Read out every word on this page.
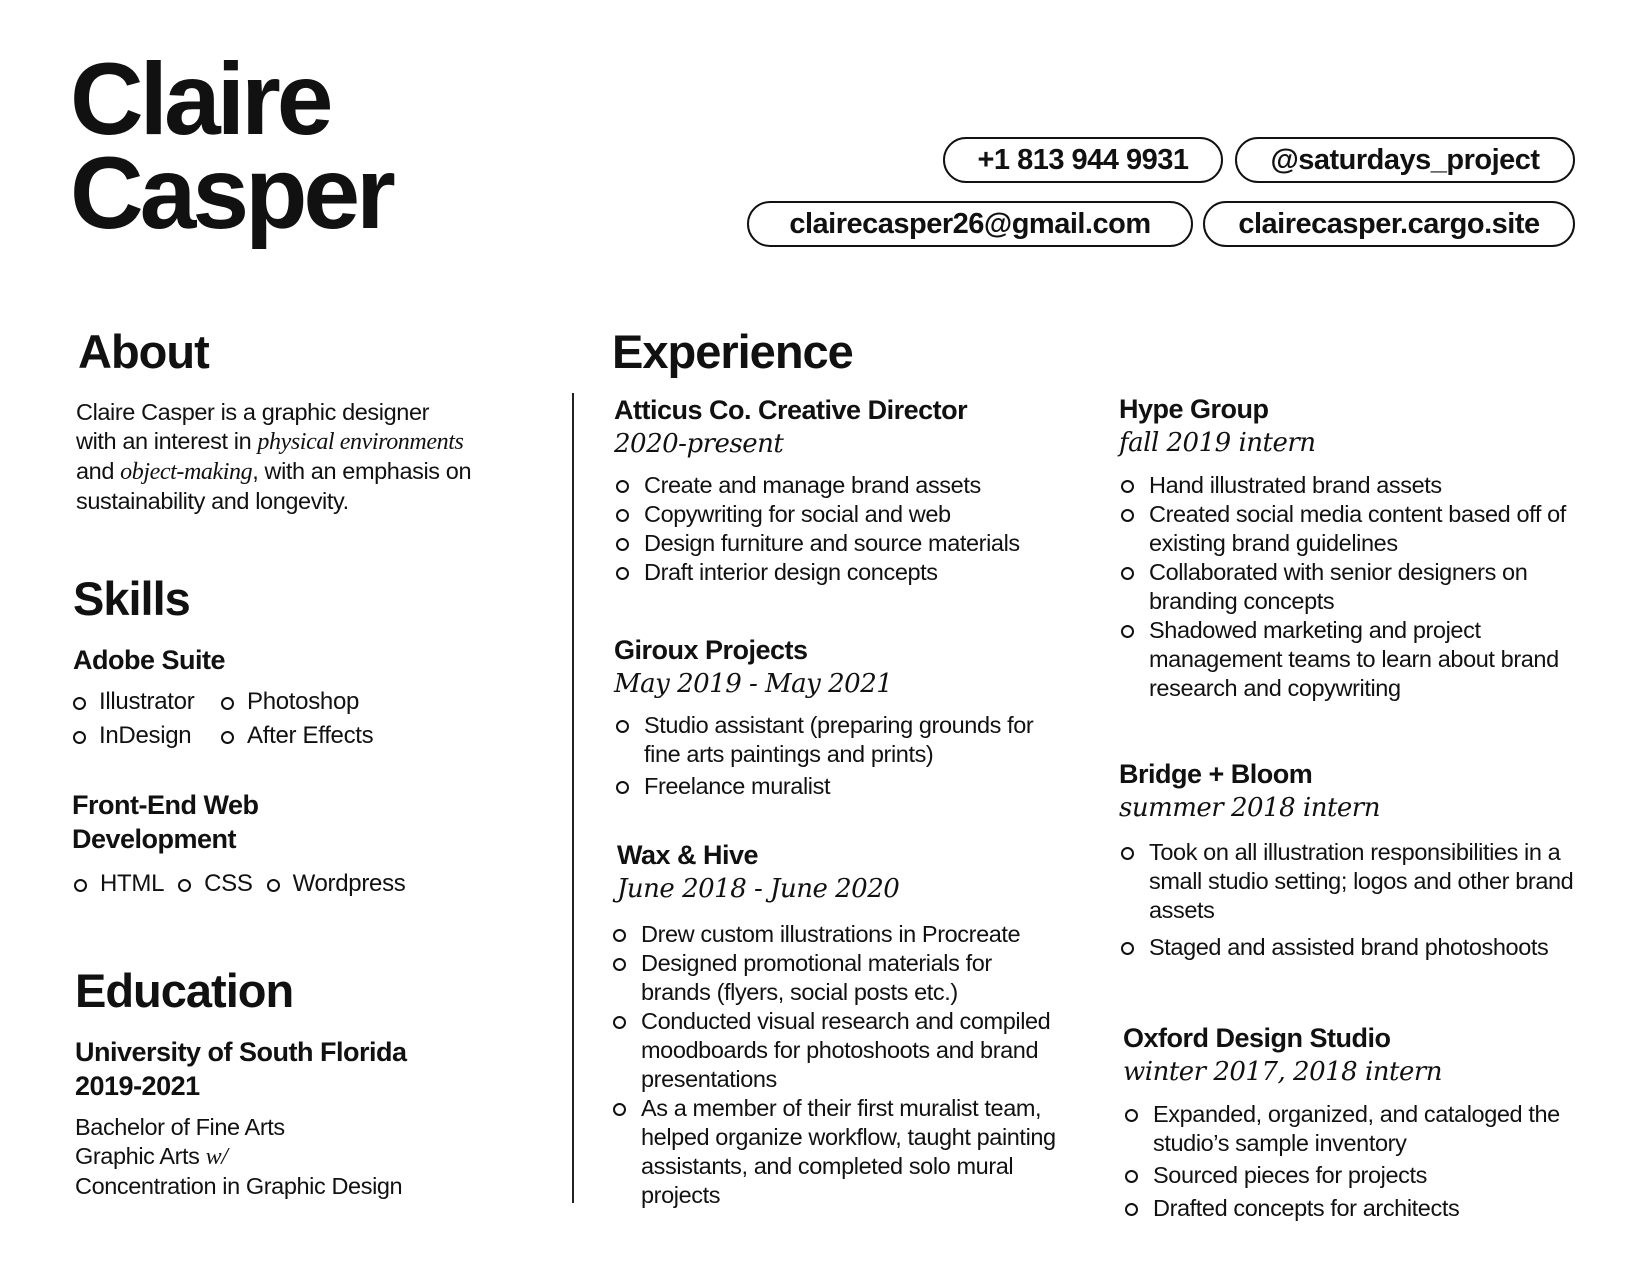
Claire
Casper	+1 813 944 9931	@saturdays_project
clairecasper26@gmail.com	clairecasper.cargo.site
About
Claire Casper is a graphic designer
with an interest in physical environments
and object-making, with an emphasis on
sustainability and longevity.
Skills
Adobe Suite
Illustrator	Photoshop
InDesign	After Effects
Front-End Web
Development
HTML	CSS	Wordpress
Education
University of South Florida
2019-2021
Bachelor of Fine Arts
Graphic Arts w/
Concentration in Graphic Design
Experience
Atticus Co. Creative Director
2020-present
Create and manage brand assets
Copywriting for social and web
Design furniture and source materials
Draft interior design concepts
Giroux Projects
May 2019 - May 2021
Studio assistant (preparing grounds for fine arts paintings and prints)
Freelance muralist
Wax & Hive
June 2018 - June 2020
Drew custom illustrations in Procreate
Designed promotional materials for brands (flyers, social posts etc.)
Conducted visual research and compiled moodboards for photoshoots and brand presentations
As a member of their first muralist team, helped organize workflow, taught painting assistants, and completed solo mural projects
Hype Group
fall 2019 intern
Hand illustrated brand assets
Created social media content based off of existing brand guidelines
Collaborated with senior designers on branding concepts
Shadowed marketing and project management teams to learn about brand research and copywriting
Bridge + Bloom
summer 2018 intern
Took on all illustration responsibilities in a small studio setting; logos and other brand assets
Staged and assisted brand photoshoots
Oxford Design Studio
winter 2017, 2018 intern
Expanded, organized, and cataloged the studio’s sample inventory
Sourced pieces for projects
Drafted concepts for architects
